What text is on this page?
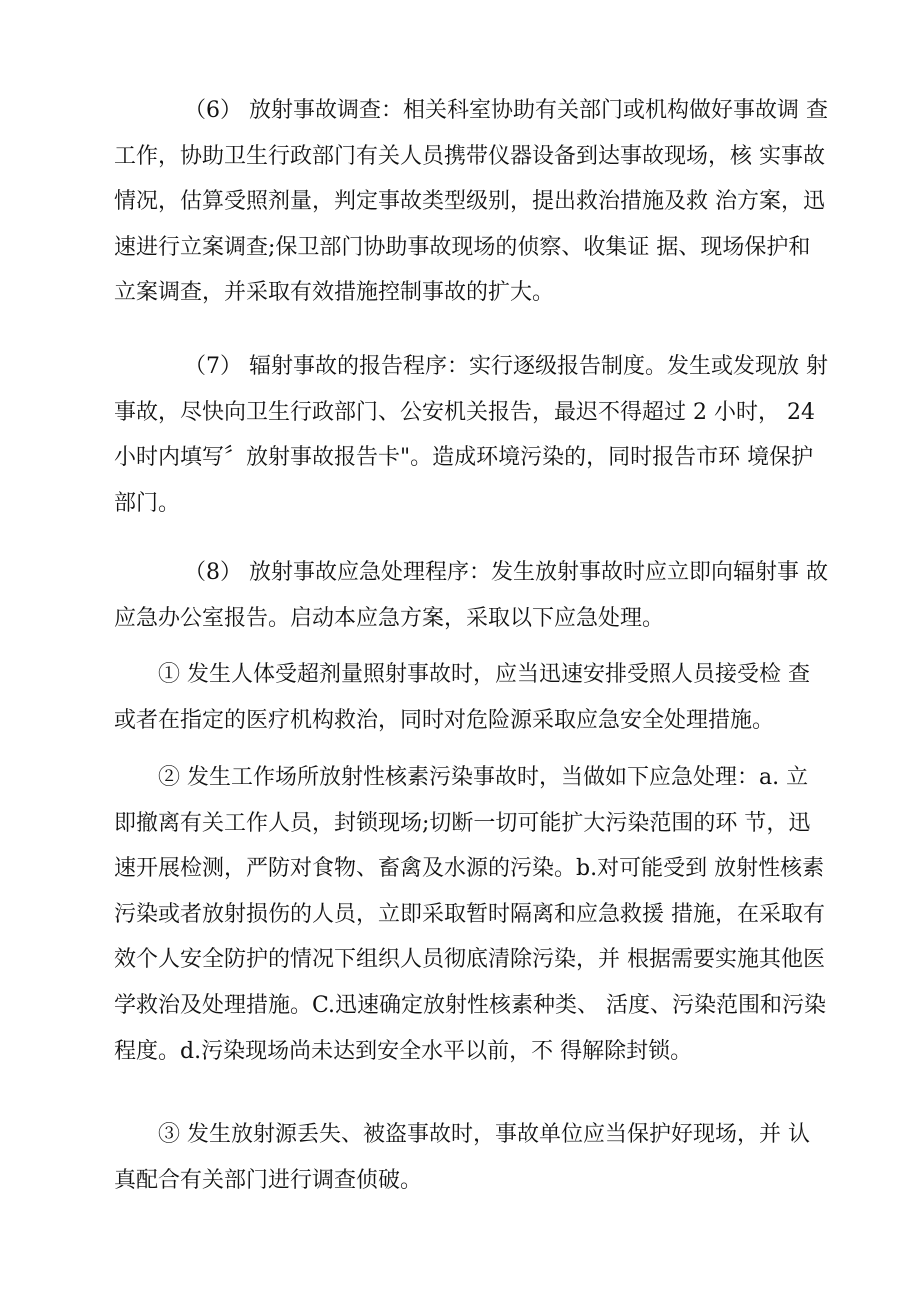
（6） 放射事故调查：相关科室协助有关部门或机构做好事故调 查
工作，协助卫生行政部门有关人员携带仪器设备到达事故现场，核 实事故
情况，估算受照剂量，判定事故类型级别，提出救治措施及救 治方案，迅
速进行立案调查;保卫部门协助事故现场的侦察、收集证 据、现场保护和
立案调查，并采取有效措施控制事故的扩大。
（7） 辐射事故的报告程序：实行逐级报告制度。发生或发现放 射
事故，尽快向卫生行政部门、公安机关报告，最迟不得超过 2 小时， 24
小时内填写〞放射事故报告卡"。造成环境污染的，同时报告市环 境保护
部门。
（8） 放射事故应急处理程序：发生放射事故时应立即向辐射事 故
应急办公室报告。启动本应急方案，采取以下应急处理。
① 发生人体受超剂量照射事故时，应当迅速安排受照人员接受检 查
或者在指定的医疗机构救治，同时对危险源采取应急安全处理措施。
② 发生工作场所放射性核素污染事故时，当做如下应急处理：a. 立
即撤离有关工作人员，封锁现场;切断一切可能扩大污染范围的环 节，迅
速开展检测，严防对食物、畜禽及水源的污染。b.对可能受到 放射性核素
污染或者放射损伤的人员，立即采取暂时隔离和应急救援 措施，在采取有
效个人安全防护的情况下组织人员彻底清除污染，并 根据需要实施其他医
学救治及处理措施。C.迅速确定放射性核素种类、 活度、污染范围和污染
程度。d.污染现场尚未达到安全水平以前，不 得解除封锁。
③ 发生放射源丢失、被盗事故时，事故单位应当保护好现场，并 认
真配合有关部门进行调查侦破。
